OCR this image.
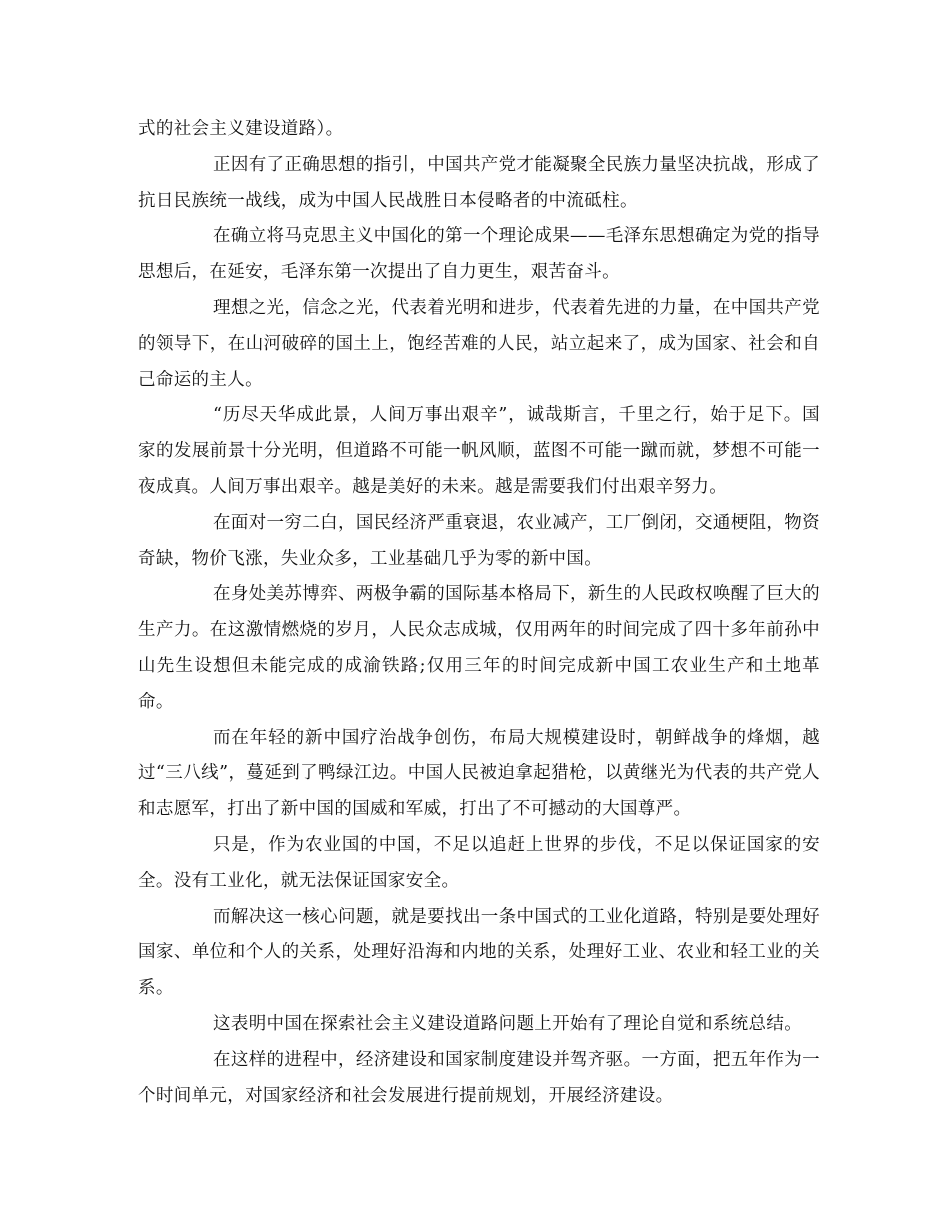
式的社会主义建设道路）。

正因有了正确思想的指引，中国共产党才能凝聚全民族力量坚决抗战，形成了抗日民族统一战线，成为中国人民战胜日本侵略者的中流砥柱。

在确立将马克思主义中国化的第一个理论成果——毛泽东思想确定为党的指导思想后，在延安，毛泽东第一次提出了自力更生，艰苦奋斗。

理想之光，信念之光，代表着光明和进步，代表着先进的力量，在中国共产党的领导下，在山河破碎的国土上，饱经苦难的人民，站立起来了，成为国家、社会和自己命运的主人。

“历尽天华成此景，人间万事出艰辛”，诚哉斯言，千里之行，始于足下。国家的发展前景十分光明，但道路不可能一帆风顺，蓝图不可能一蹴而就，梦想不可能一夜成真。人间万事出艰辛。越是美好的未来。越是需要我们付出艰辛努力。

在面对一穷二白，国民经济严重衰退，农业减产，工厂倒闭，交通梗阻，物资奇缺，物价飞涨，失业众多，工业基础几乎为零的新中国。

在身处美苏博弈、两极争霸的国际基本格局下，新生的人民政权唤醒了巨大的生产力。在这激情燃烧的岁月，人民众志成城，仅用两年的时间完成了四十多年前孙中山先生设想但未能完成的成渝铁路;仅用三年的时间完成新中国工农业生产和土地革命。

而在年轻的新中国疗治战争创伤，布局大规模建设时，朝鲜战争的烽烟，越过“三八线”，蔓延到了鸭绿江边。中国人民被迫拿起猎枪，以黄继光为代表的共产党人和志愿军，打出了新中国的国威和军威，打出了不可撼动的大国尊严。

只是，作为农业国的中国，不足以追赶上世界的步伐，不足以保证国家的安全。没有工业化，就无法保证国家安全。

而解决这一核心问题，就是要找出一条中国式的工业化道路，特别是要处理好国家、单位和个人的关系，处理好沿海和内地的关系，处理好工业、农业和轻工业的关系。

这表明中国在探索社会主义建设道路问题上开始有了理论自觉和系统总结。

在这样的进程中，经济建设和国家制度建设并驾齐驱。一方面，把五年作为一个时间单元，对国家经济和社会发展进行提前规划，开展经济建设。
